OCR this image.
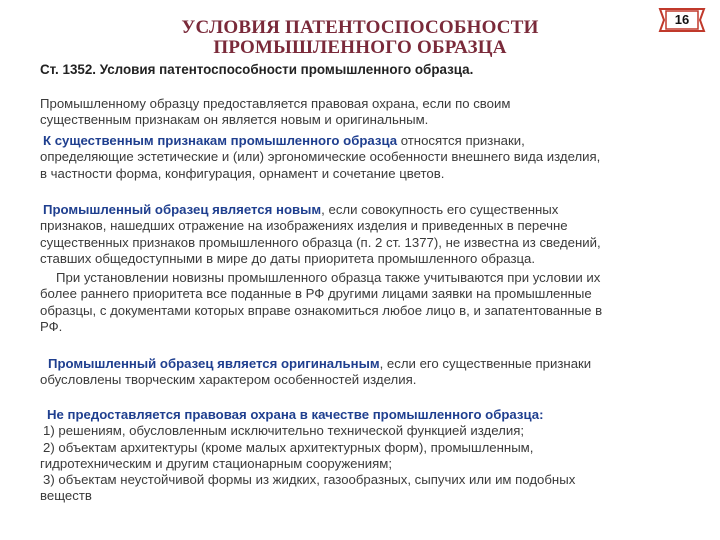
УСЛОВИЯ ПАТЕНТОСПОСОБНОСТИ
ПРОМЫШЛЕННОГО ОБРАЗЦА
16
Ст. 1352. Условия патентоспособности промышленного образца.
Промышленному образцу предоставляется правовая охрана, если по своим
существенным признакам он является новым и оригинальным.
К существенным признакам промышленного образца относятся признаки,
определяющие эстетические и (или) эргономические особенности внешнего вида изделия,
в частности форма, конфигурация, орнамент и сочетание цветов.
Промышленный образец является новым, если совокупность его существенных
признаков, нашедших отражение на изображениях изделия и приведенных в перечне
существенных признаков промышленного образца (п. 2 ст. 1377), не известна из сведений,
ставших общедоступными в мире до даты приоритета промышленного образца.
При установлении новизны промышленного образца также учитываются при условии их
более раннего приоритета все поданные в РФ другими лицами заявки на промышленные
образцы, с документами которых вправе ознакомиться любое лицо в, и запатентованные в
РФ.
Промышленный образец является оригинальным, если его существенные признаки
обусловлены творческим характером особенностей изделия.
Не предоставляется правовая охрана в качестве промышленного образца:
1) решениям, обусловленным исключительно технической функцией изделия;
2) объектам архитектуры (кроме малых архитектурных форм), промышленным,
гидротехническим и другим стационарным сооружениям;
3) объектам неустойчивой формы из жидких, газообразных, сыпучих или им подобных
веществ
